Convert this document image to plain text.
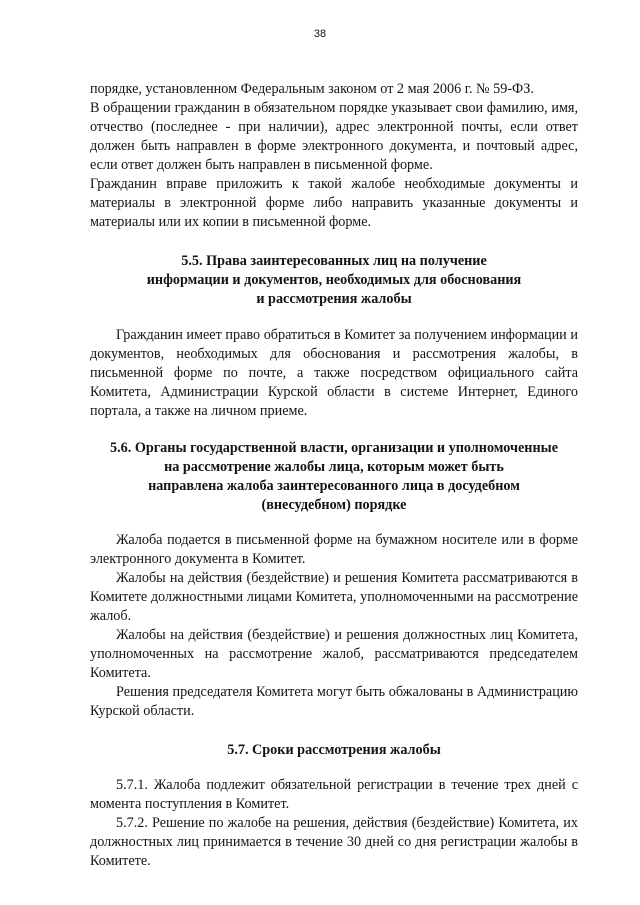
38

порядке, установленном Федеральным законом от 2 мая 2006 г. № 59-ФЗ.

В обращении гражданин в обязательном порядке указывает свои фамилию, имя, отчество (последнее - при наличии), адрес электронной почты, если ответ должен быть направлен в форме электронного документа, и почтовый адрес, если ответ должен быть направлен в письменной форме.

Гражданин вправе приложить к такой жалобе необходимые документы и материалы в электронной форме либо направить указанные документы и материалы или их копии в письменной форме.

5.5. Права заинтересованных лиц на получение
информации и документов, необходимых для обоснования
и рассмотрения жалобы

Гражданин имеет право обратиться в Комитет за получением информации и документов, необходимых для обоснования и рассмотрения жалобы, в письменной форме по почте, а также посредством официального сайта Комитета, Администрации Курской области в системе Интернет, Единого портала, а также на личном приеме.

5.6. Органы государственной власти, организации и уполномоченные
на рассмотрение жалобы лица, которым может быть
направлена жалоба заинтересованного лица в досудебном
(внесудебном) порядке

Жалоба подается в письменной форме на бумажном носителе или в форме электронного документа в Комитет.

Жалобы на действия (бездействие) и решения Комитета рассматриваются в Комитете должностными лицами Комитета, уполномоченными на рассмотрение жалоб.

Жалобы на действия (бездействие) и решения должностных лиц Комитета, уполномоченных на рассмотрение жалоб, рассматриваются председателем Комитета.

Решения председателя Комитета могут быть обжалованы в Администрацию Курской области.

5.7. Сроки рассмотрения жалобы

5.7.1. Жалоба подлежит обязательной регистрации в течение трех дней с момента поступления в Комитет.

5.7.2. Решение по жалобе на решения, действия (бездействие) Комитета, их должностных лиц принимается в течение 30 дней со дня регистрации жалобы в Комитете.
